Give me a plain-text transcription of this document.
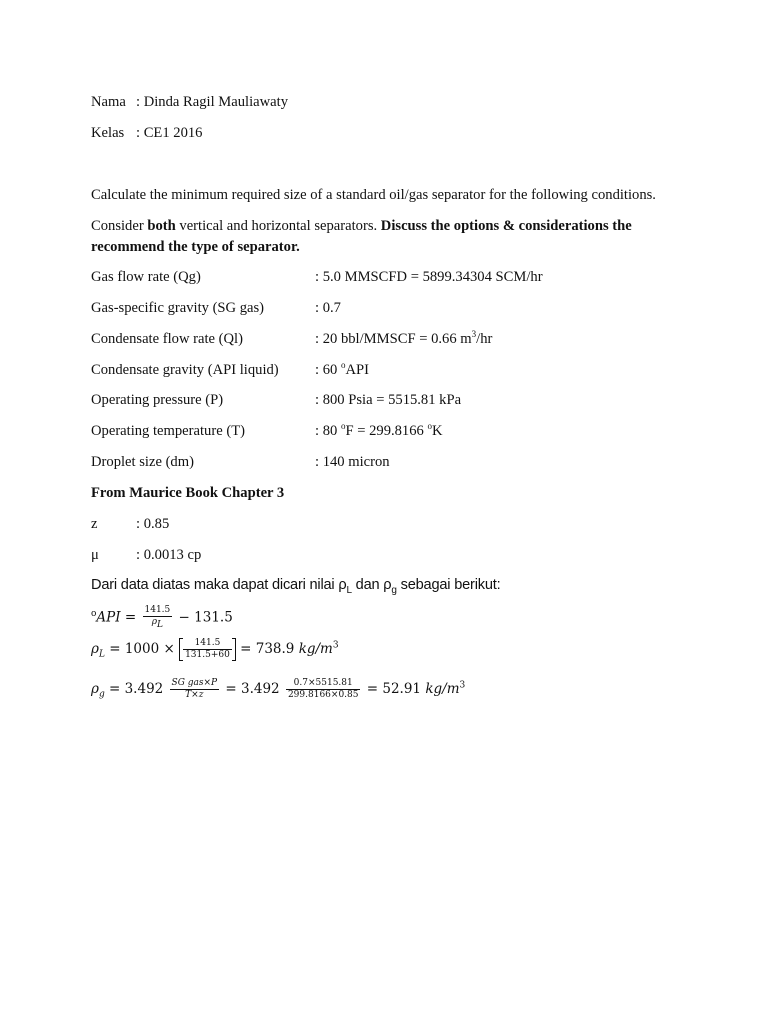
Nama : Dinda Ragil Mauliawaty
Kelas : CE1 2016
Calculate the minimum required size of a standard oil/gas separator for the following conditions.
Consider both vertical and horizontal separators. Discuss the options & considerations the
recommend the type of separator.
Gas flow rate (Qg)	: 5.0 MMSCFD = 5899.34304 SCM/hr
Gas-specific gravity (SG gas)	: 0.7
Condensate flow rate (Ql)	: 20 bbl/MMSCF = 0.66 $m^3/hr$
Condensate gravity (API liquid) : 60 $^o$API
Operating pressure (P)	: 800 Psia = 5515.81 kPa
Operating temperature (T)	: 80 $^o$F = 299.8166 $^o$K
Droplet size (dm)	: 140 micron
From Maurice Book Chapter 3
z	: 0.85
μ	: 0.0013 cp
Dari data diatas maka dapat dicari nilai $\rho_L$ dan $\rho_g$ sebagai berikut:
$^oAPI = \frac{141.5}{\rho L} - 131.5$
$\rho_L = 1000 \times \frac{141.5}{131.5+60} = 738.9$ $kg/m^3$
$\rho_g = 3.492 \frac{\text{SG gas×P}}{T\times z} = 3.492 \frac{0.7\times 5515.81}{299.8166\times 0.85} = 52.91$ $kg/m^3$
